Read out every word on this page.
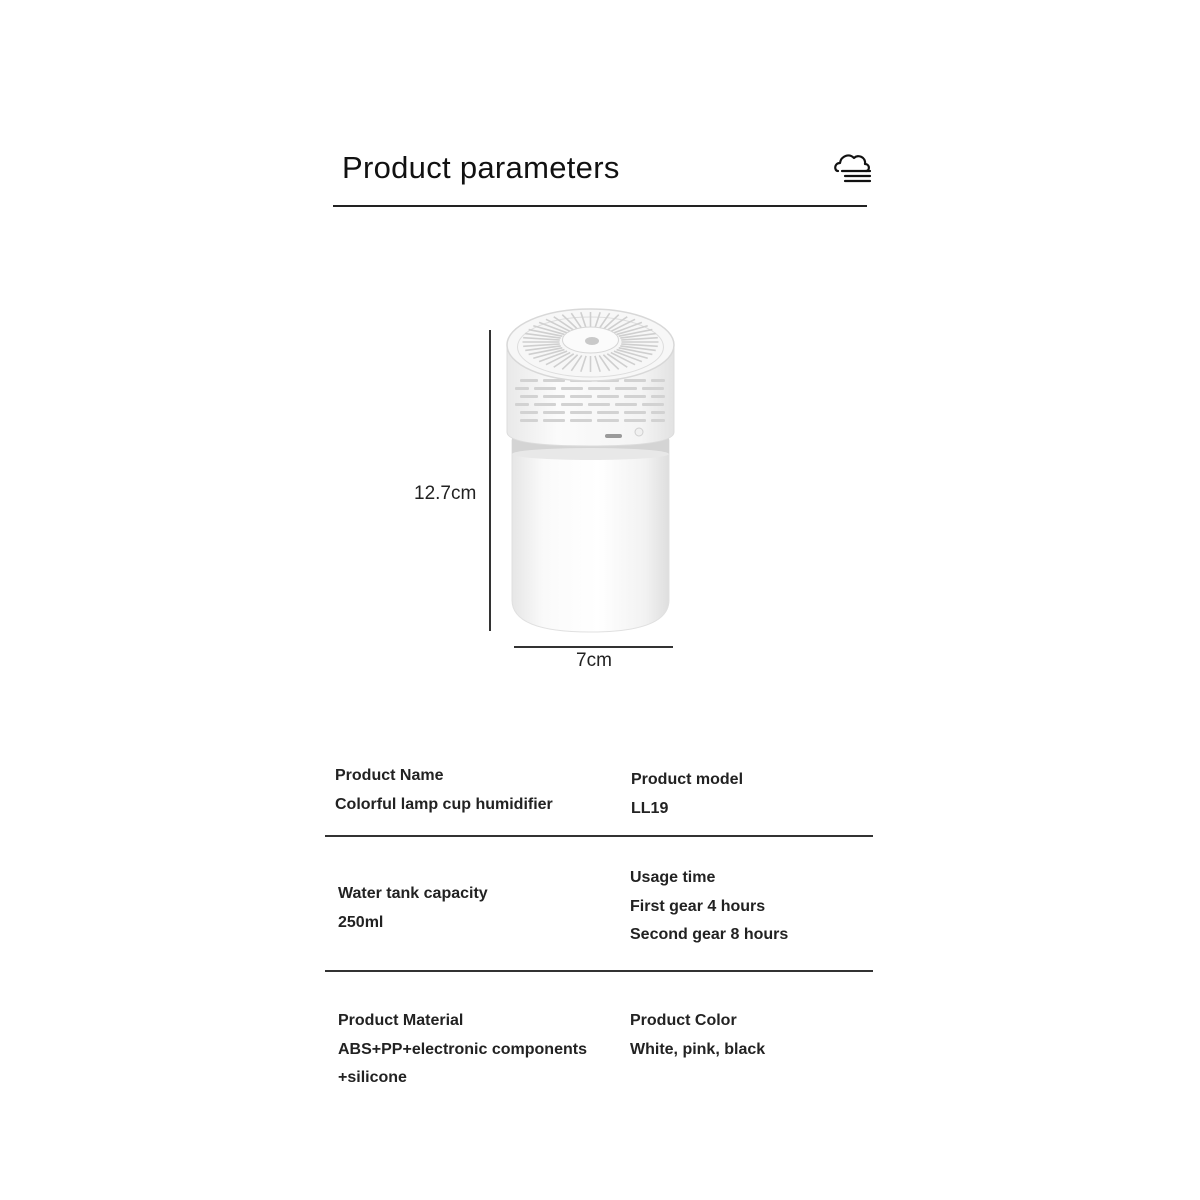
Product parameters
12.7cm
7cm
Product Name
Colorful lamp cup humidifier
Product model
LL19
Water tank capacity
250ml
Usage time
First gear 4 hours
Second gear 8 hours
Product Material
ABS+PP+electronic components
+silicone
Product Color
White, pink, black
